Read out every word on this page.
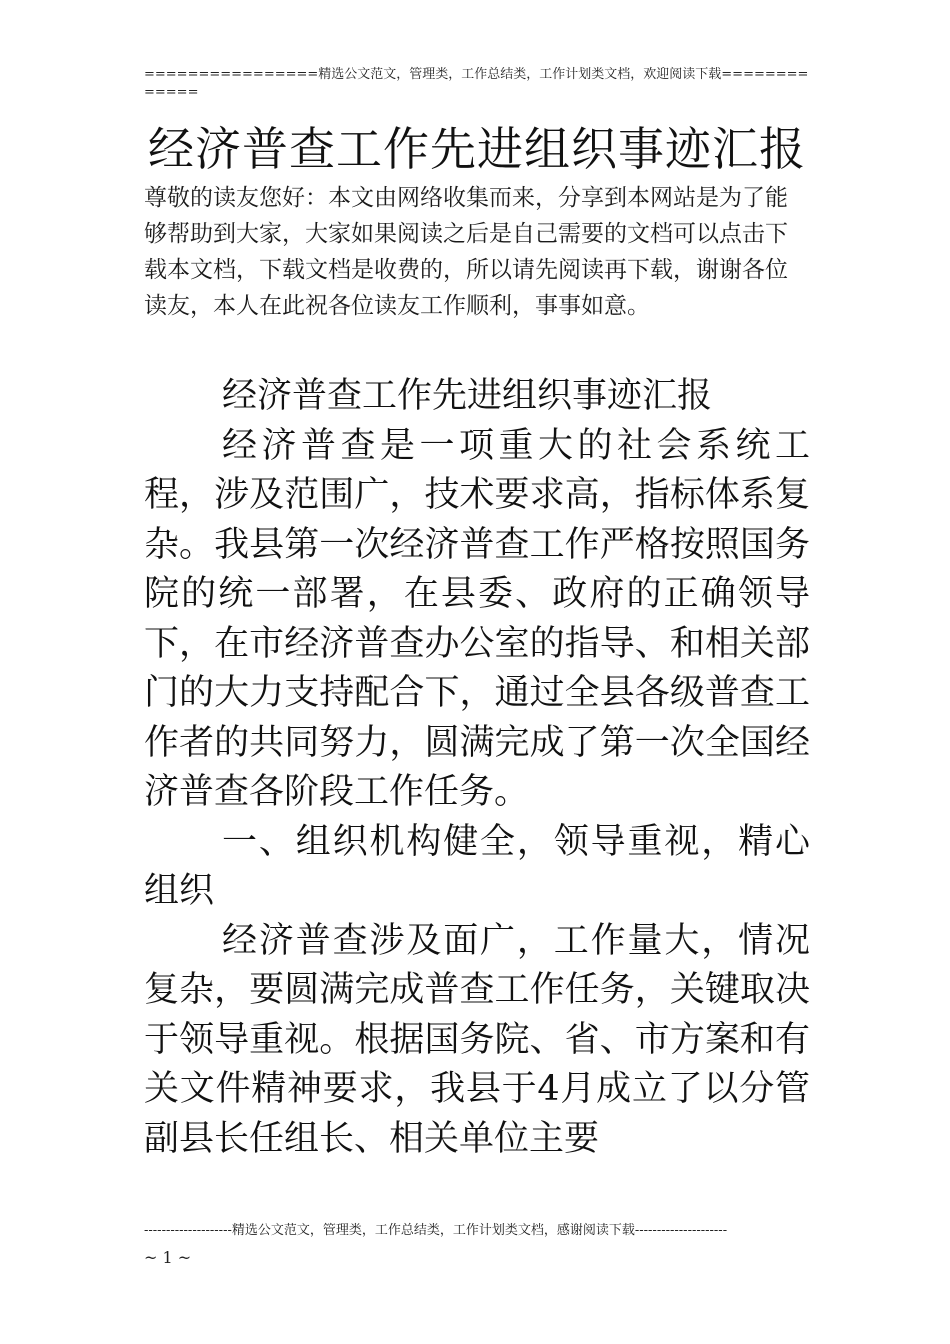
================精选公文范文，管理类，工作总结类，工作计划类文档，欢迎阅读下载=============
经济普查工作先进组织事迹汇报
尊敬的读友您好：本文由网络收集而来，分享到本网站是为了能够帮助到大家，大家如果阅读之后是自己需要的文档可以点击下载本文档，下载文档是收费的，所以请先阅读再下载，谢谢各位读友，本人在此祝各位读友工作顺利，事事如意。

经济普查工作先进组织事迹汇报

经济普查是一项重大的社会系统工程，涉及范围广，技术要求高，指标体系复杂。我县第一次经济普查工作严格按照国务院的统一部署，在县委、政府的正确领导下，在市经济普查办公室的指导、和相关部门的大力支持配合下，通过全县各级普查工作者的共同努力，圆满完成了第一次全国经济普查各阶段工作任务。

一、组织机构健全，领导重视，精心组织

经济普查涉及面广，工作量大，情况复杂，要圆满完成普查工作任务，关键取决于领导重视。根据国务院、省、市方案和有关文件精神要求，我县于4月成立了以分管副县长任组长、相关单位主要

--------------------精选公文范文，管理类，工作总结类，工作计划类文档，感谢阅读下载---------------------
~ 1 ~
